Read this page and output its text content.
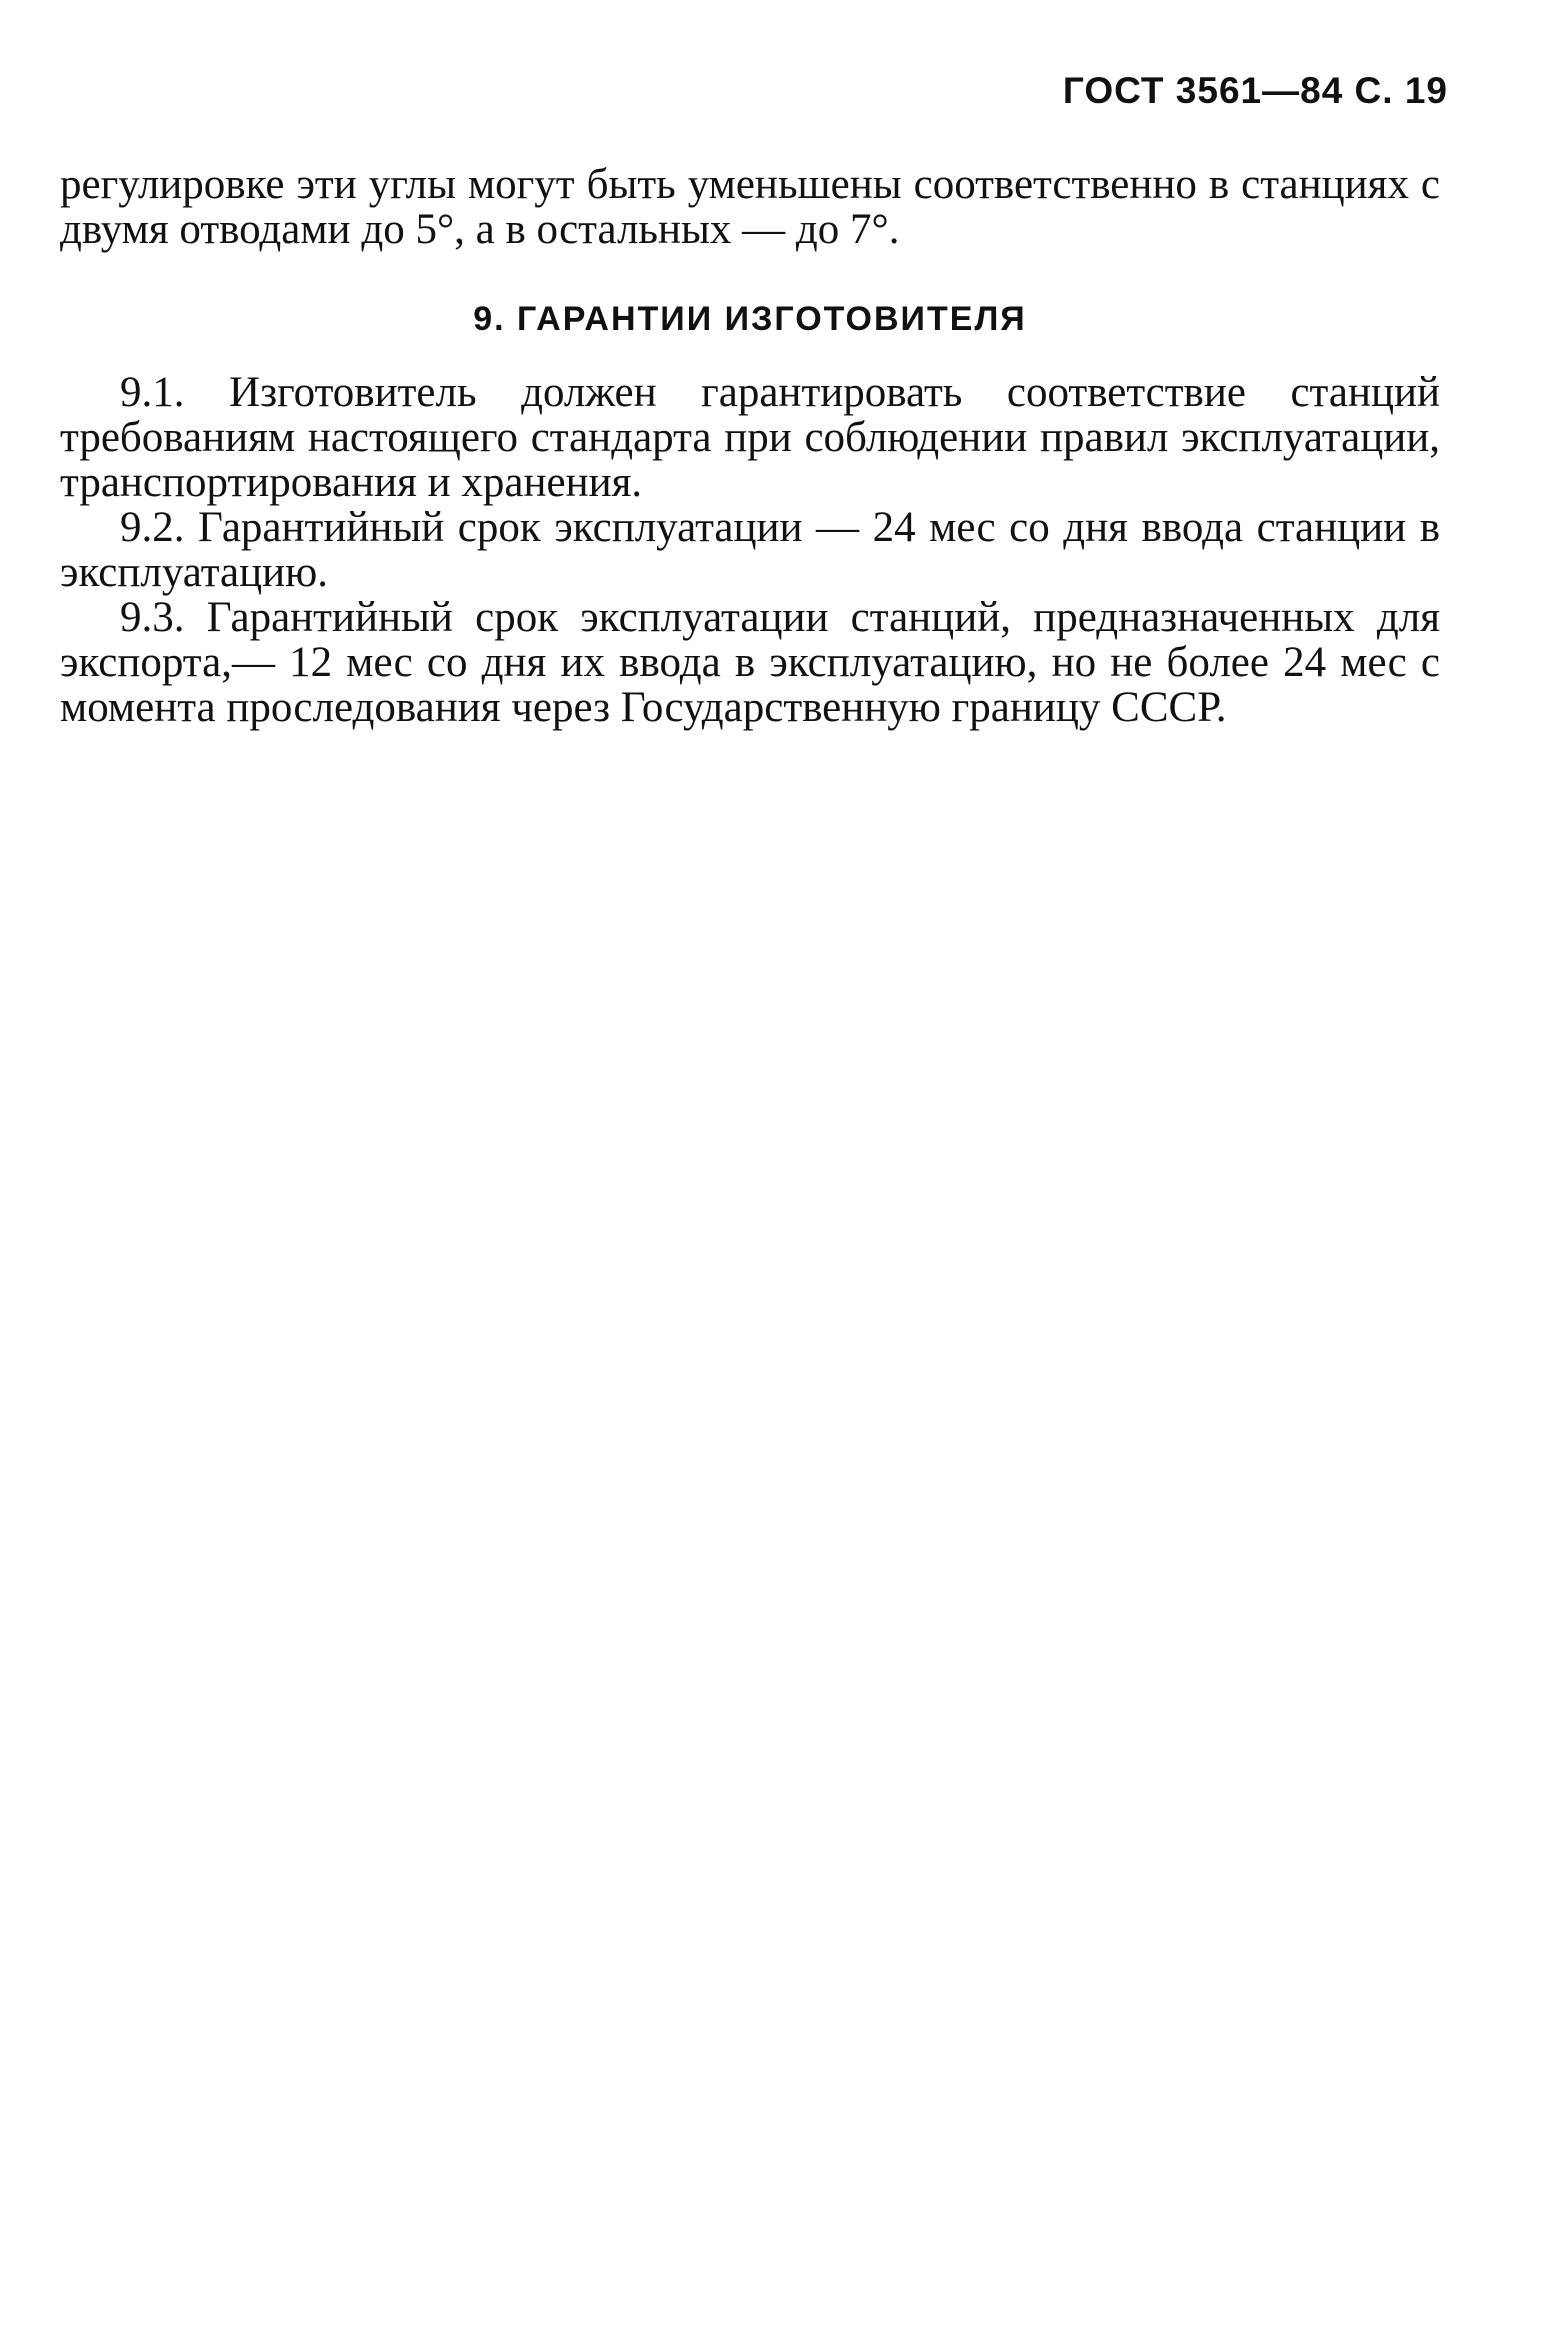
ГОСТ 3561—84 С. 19

регулировке эти углы могут быть уменьшены соответственно в станциях с двумя отводами до 5°, а в остальных — до 7°.

9. ГАРАНТИИ ИЗГОТОВИТЕЛЯ

9.1. Изготовитель должен гарантировать соответствие станций требованиям настоящего стандарта при соблюдении правил эксплуатации, транспортирования и хранения.

9.2. Гарантийный срок эксплуатации — 24 мес со дня ввода станции в эксплуатацию.

9.3. Гарантийный срок эксплуатации станций, предназначенных для экспорта,— 12 мес со дня их ввода в эксплуатацию, но не более 24 мес с момента проследования через Государственную границу СССР.
